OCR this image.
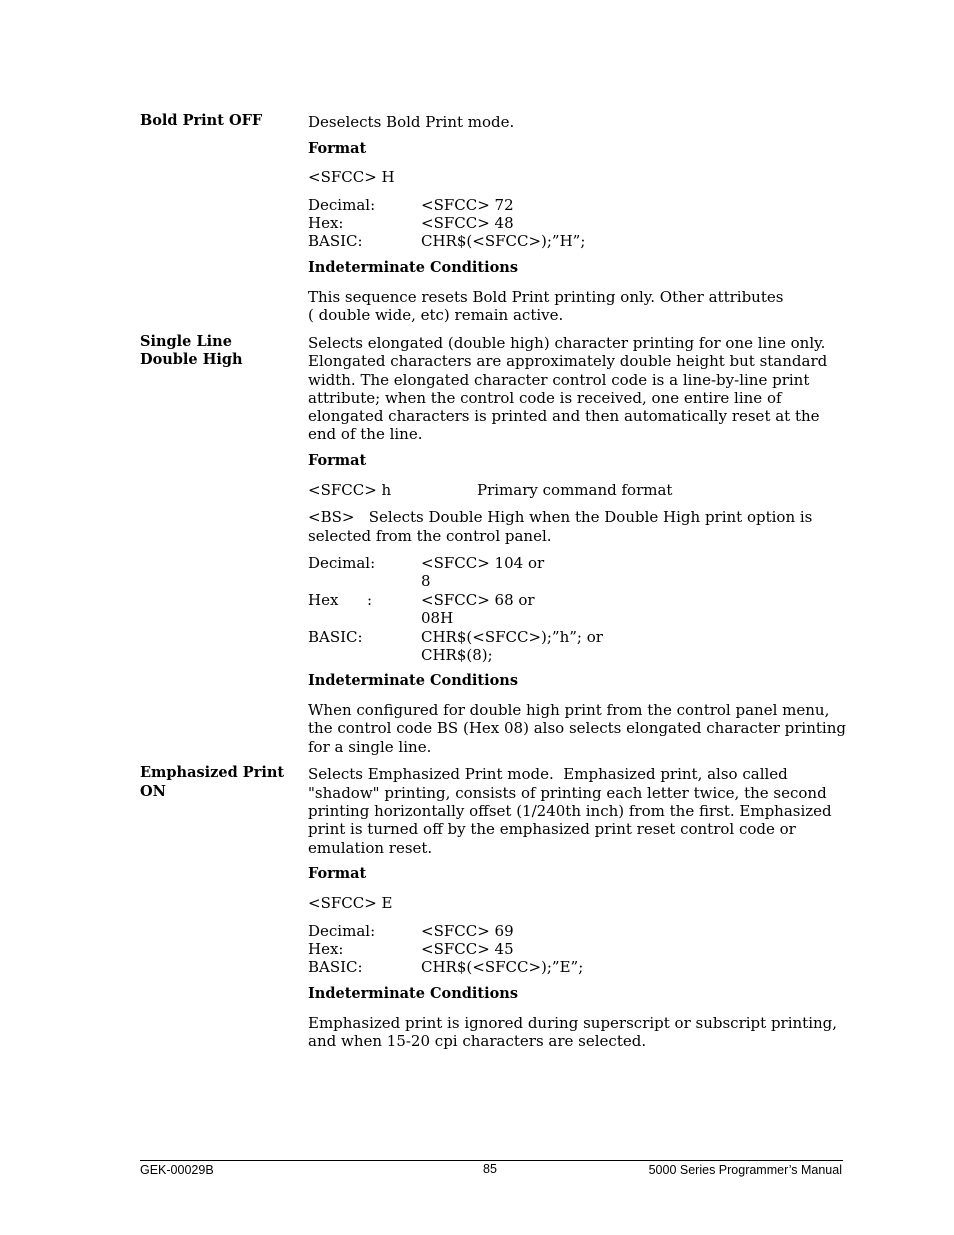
Bold Print OFF	Deselects Bold Print mode.
Format
<SFCC> H
Decimal:	<SFCC> 72
Hex:	<SFCC> 48
BASIC:	CHR$(<SFCC>);”H”;
Indeterminate Conditions
This sequence resets Bold Print printing only. Other attributes
( double wide, etc) remain active.
Single Line
Double High
Selects elongated (double high) character printing for one line only.
Elongated characters are approximately double height but standard
width. The elongated character control code is a line-by-line print
attribute; when the control code is received, one entire line of
elongated characters is printed and then automatically reset at the
end of the line.
Format
<SFCC> h	Primary command format
<BS>   Selects Double High when the Double High print option is
selected from the control panel.
Decimal:	<SFCC> 104 or
8
Hex      :	<SFCC> 68 or
08H
BASIC:	CHR$(<SFCC>);”h”; or
CHR$(8);
Indeterminate Conditions
When configured for double high print from the control panel menu,
the control code BS (Hex 08) also selects elongated character printing
for a single line.
Emphasized Print
ON
Selects Emphasized Print mode.  Emphasized print, also called
"shadow" printing, consists of printing each letter twice, the second
printing horizontally offset (1/240th inch) from the first. Emphasized
print is turned off by the emphasized print reset control code or
emulation reset.
Format
<SFCC> E
Decimal:	<SFCC> 69
Hex:	<SFCC> 45
BASIC:	CHR$(<SFCC>);”E”;
Indeterminate Conditions
Emphasized print is ignored during superscript or subscript printing,
and when 15-20 cpi characters are selected.
GEK-00029B	85	5000 Series Programmer’s Manual
